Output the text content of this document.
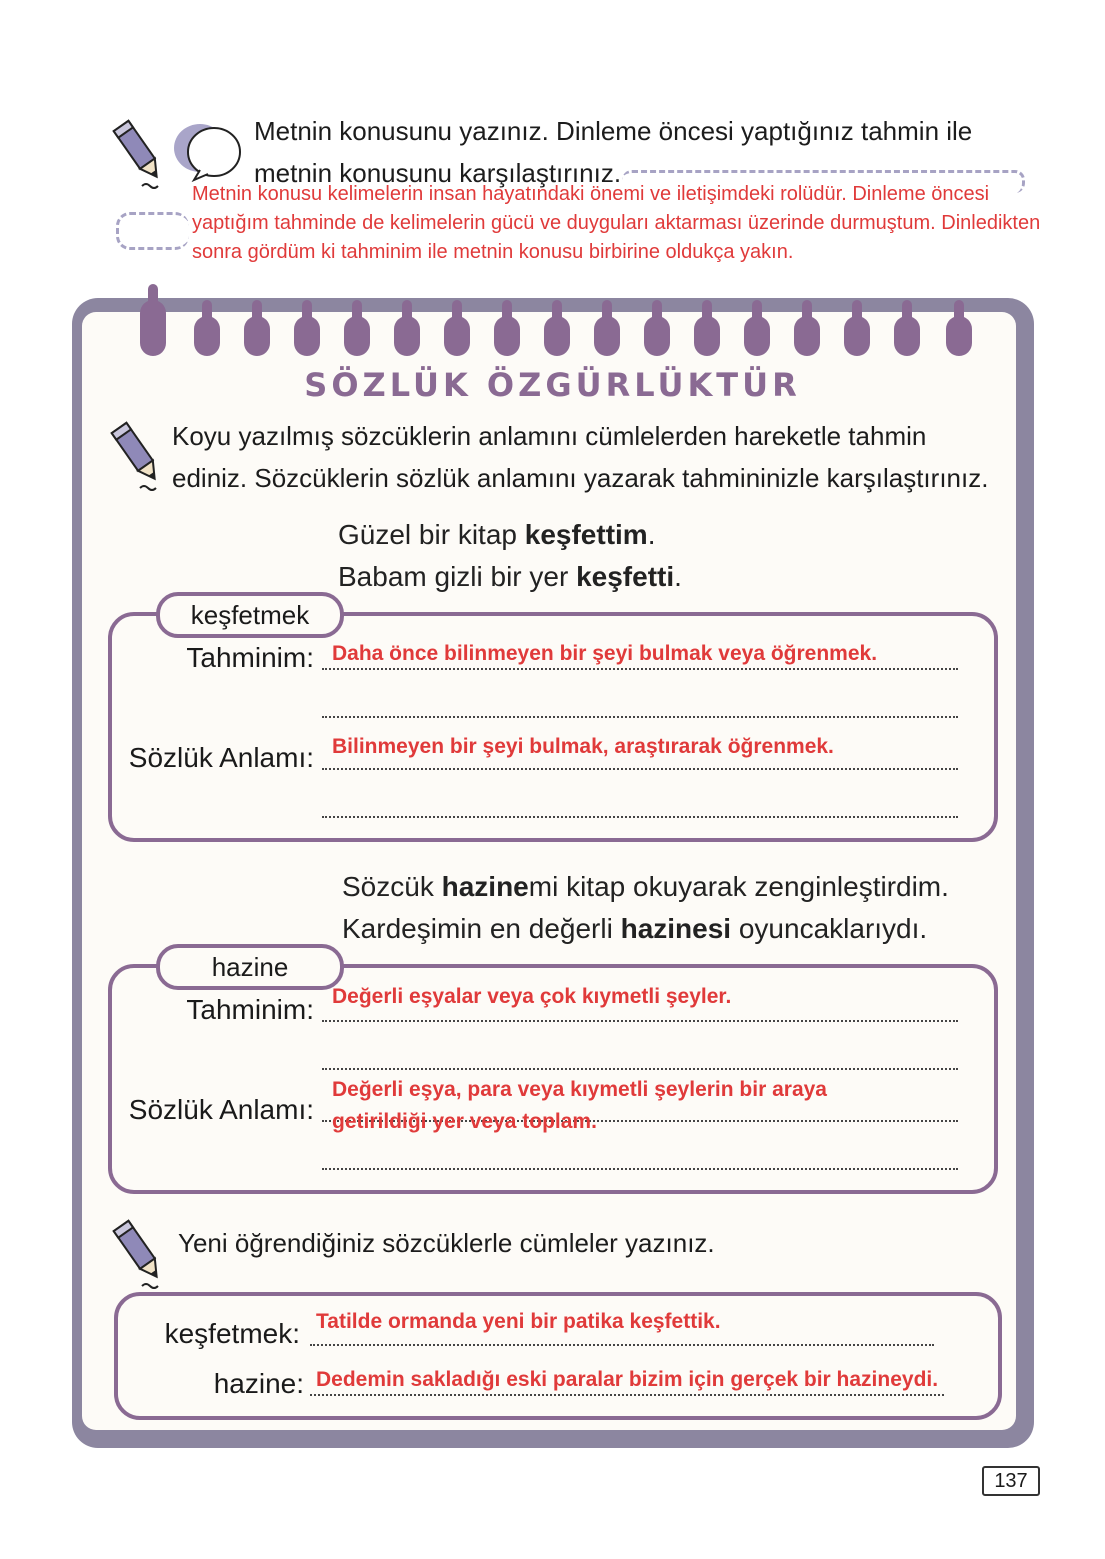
Metnin konusunu yazınız. Dinleme öncesi yaptığınız tahmin ile metnin konusunu karşılaştırınız.
Metnin konusu kelimelerin insan hayatındaki önemi ve iletişimdeki rolüdür. Dinleme öncesi yaptığım tahminde de kelimelerin gücü ve duyguları aktarması üzerinde durmuştum. Dinledikten sonra gördüm ki tahminim ile metnin konusu birbirine oldukça yakın.
SÖZLÜK ÖZGÜRLÜKTÜR
Koyu yazılmış sözcüklerin anlamını cümlelerden hareketle tahmin ediniz. Sözcüklerin sözlük anlamını yazarak tahmininizle karşılaştırınız.
Güzel bir kitap keşfettim.
Babam gizli bir yer keşfetti.
keşfetmek
Tahminim: Daha önce bilinmeyen bir şeyi bulmak veya öğrenmek.
Sözlük Anlamı: Bilinmeyen bir şeyi bulmak, araştırarak öğrenmek.
Sözcük hazinemi kitap okuyarak zenginleştirdim.
Kardeşimin en değerli hazinesi oyuncaklarıydı.
hazine
Tahminim: Değerli eşyalar veya çok kıymetli şeyler.
Sözlük Anlamı:
Değerli eşya, para veya kıymetli şeylerin bir araya
getirildiği yer veya toplam.
Yeni öğrendiğiniz sözcüklerle cümleler yazınız.
keşfetmek: Tatilde ormanda yeni bir patika keşfettik.
hazine: Dedemin sakladığı eski paralar bizim için gerçek bir hazineydi.
137
